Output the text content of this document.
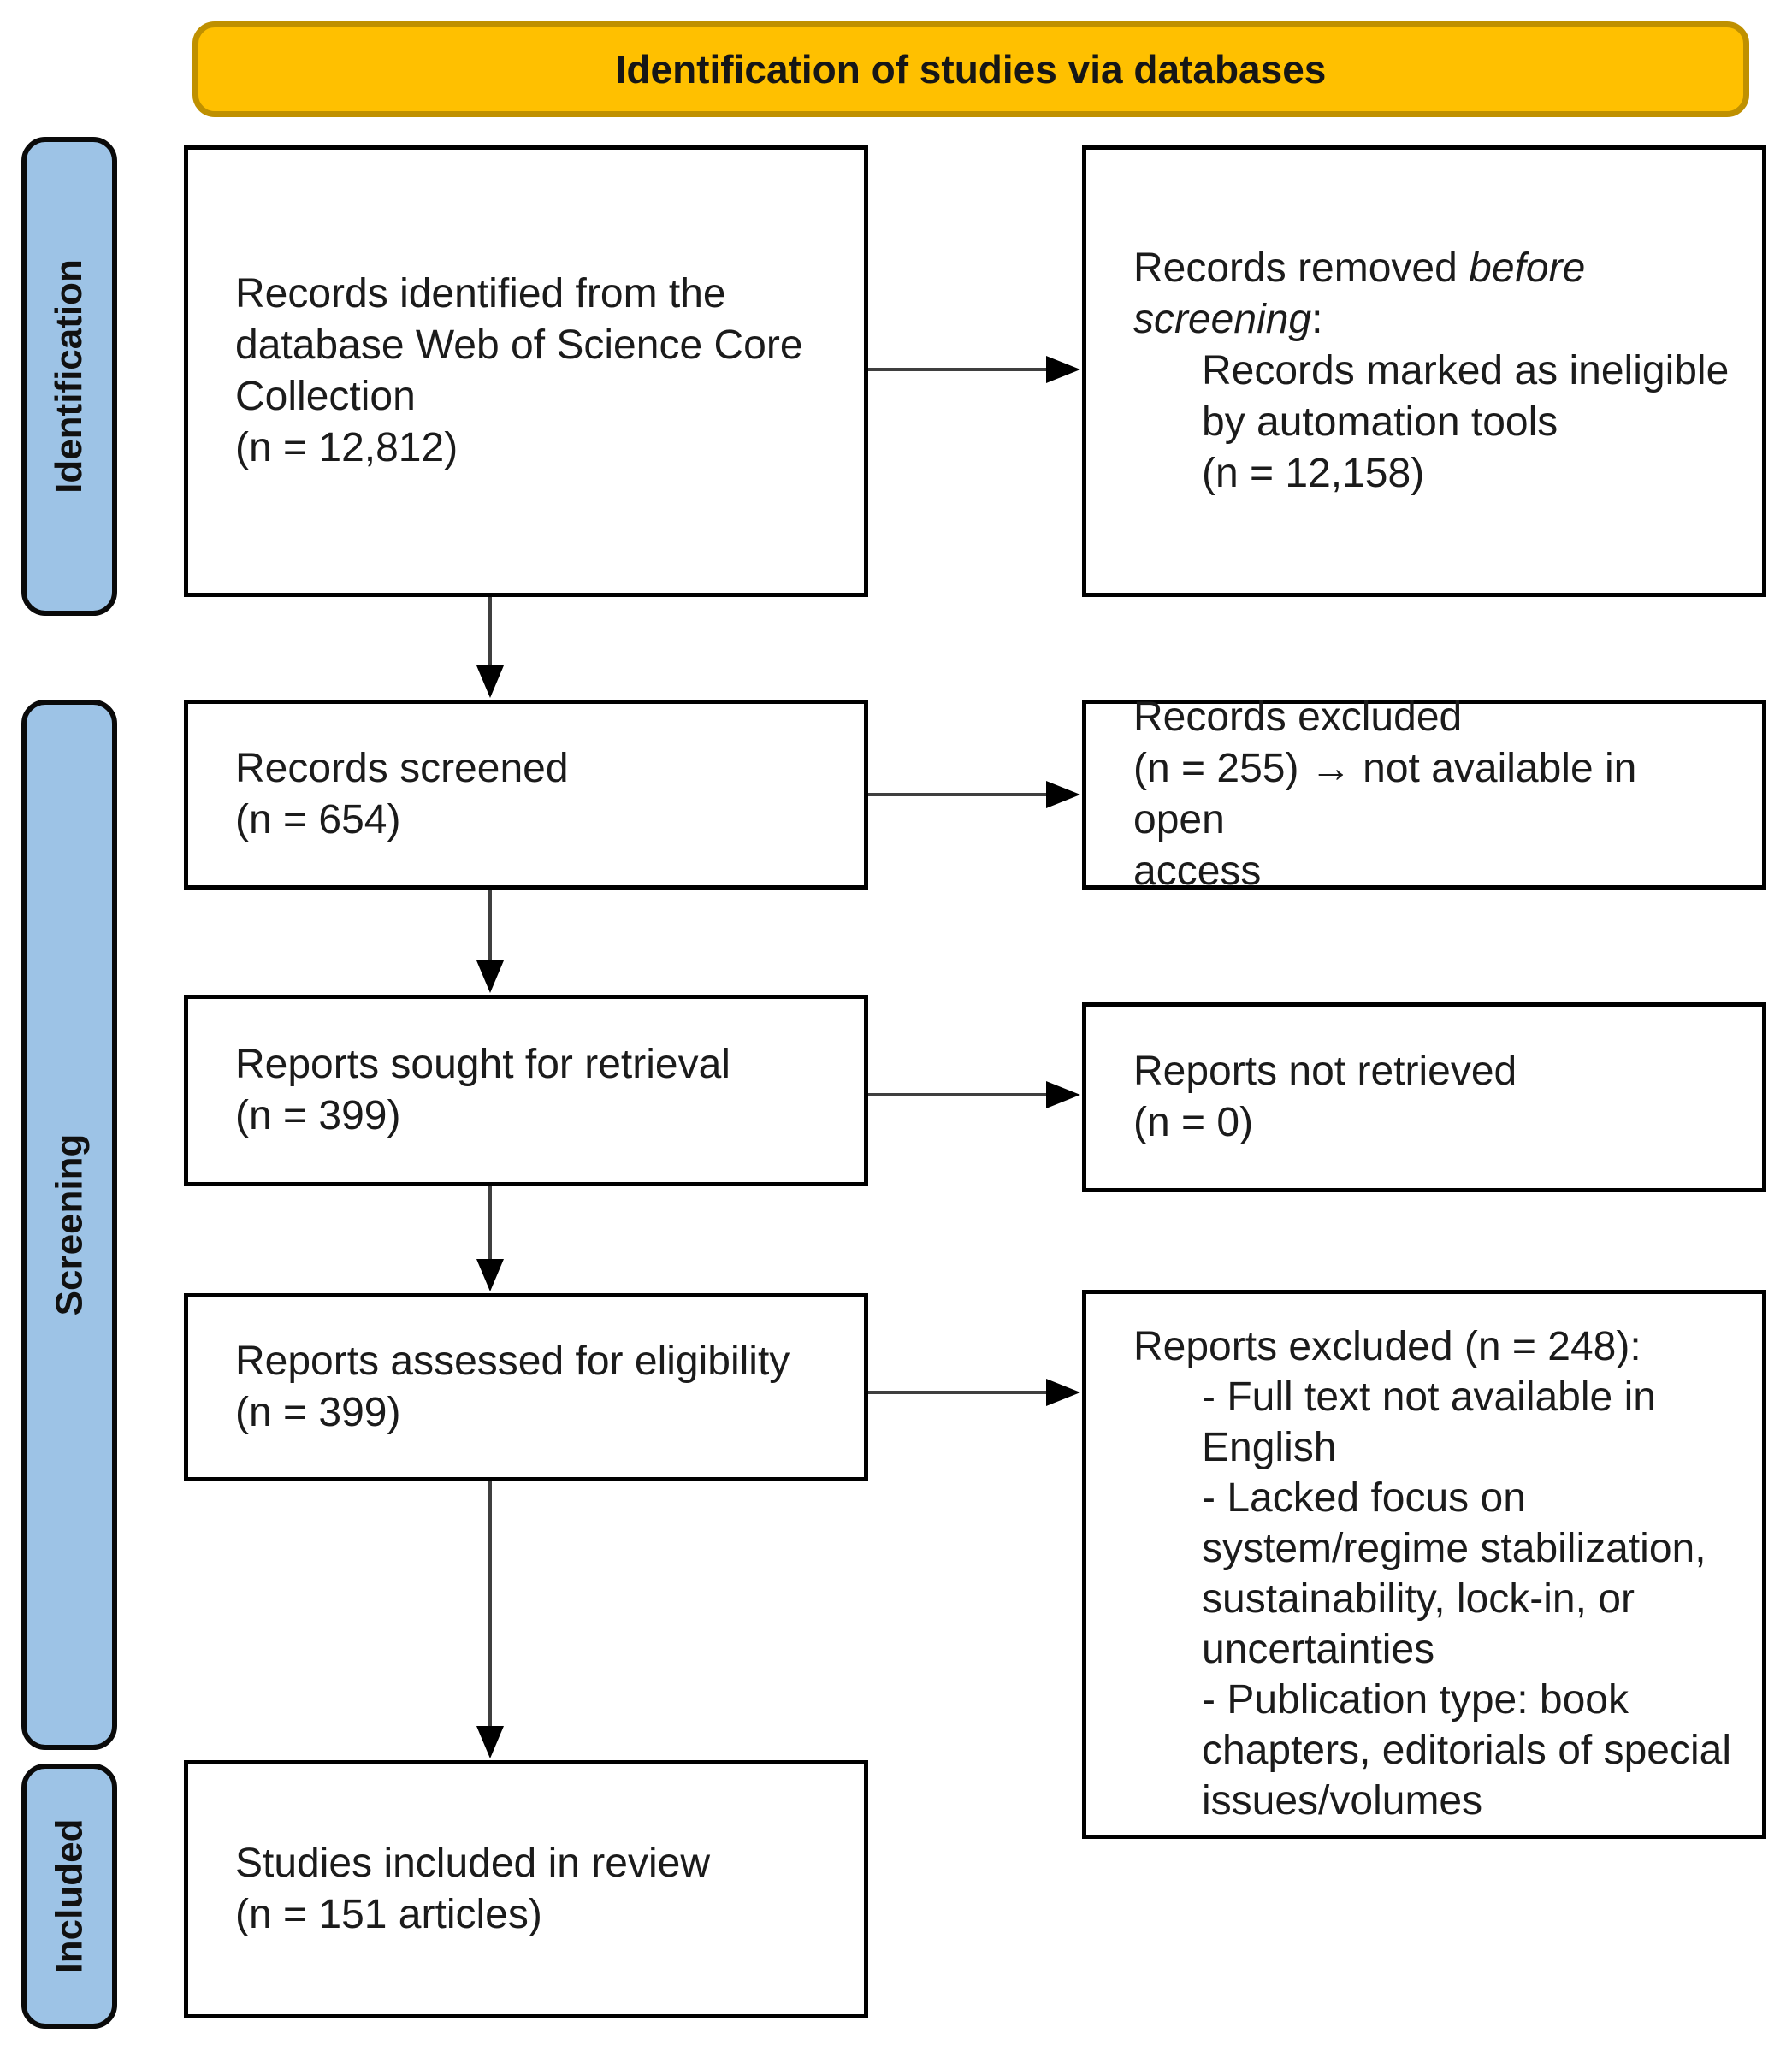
Identification of studies via databases
Identification
Screening
Included
Records identified from the
database Web of Science Core
Collection
(n = 12,812)
Records removed before
screening:
Records marked as ineligible
by automation tools
(n = 12,158)
Records screened
(n = 654)
Records excluded
(n = 255) → not available in open
access
Reports sought for retrieval
(n = 399)
Reports not retrieved
(n = 0)
Reports assessed for eligibility
(n = 399)
Reports excluded (n = 248):
- Full text not available in
English
- Lacked focus on
system/regime stabilization,
sustainability, lock-in, or
uncertainties
- Publication type: book
chapters, editorials of special
issues/volumes
Studies included in review
(n = 151 articles)
